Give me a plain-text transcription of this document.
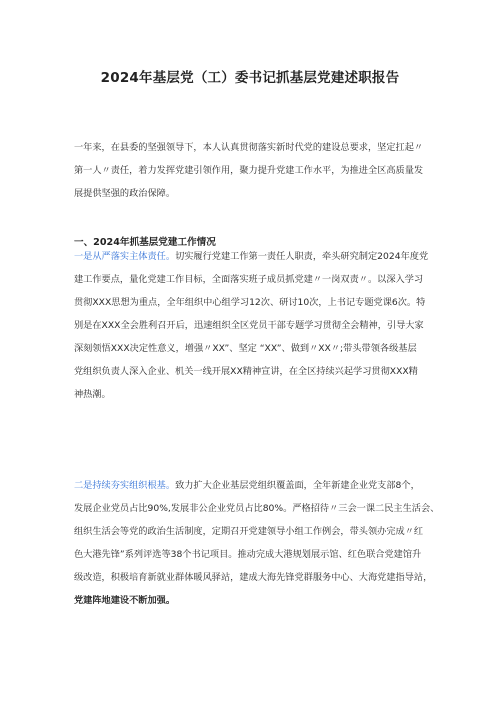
2024年基层党（工）委书记抓基层党建述职报告
一年来，在县委的坚强领导下，本人认真贯彻落实新时代党的建设总要求，坚定扛起〃
第一人〃责任，着力发挥党建引领作用，聚力提升党建工作水平，为推进全区高质量发
展提供坚强的政治保障。
一、2024年抓基层党建工作情况
一是从严落实主体责任。切实履行党建工作第一责任人职责，牵头研究制定2024年度党
建工作要点，量化党建工作目标，全面落实班子成员抓党建〃一岗双责〃。以深入学习
贯彻XXX思想为重点，全年组织中心组学习12次、研讨10次，上书记专题党课6次。特
别是在XXX全会胜利召开后，迅速组织全区党员干部专题学习贯彻全会精神，引导大家
深刻领悟XXX决定性意义，增强〃XX”、坚定 “XX”、做到〃XX〃;带头带领各级基层
党组织负责人深入企业、机关一线开展XX精神宣讲，在全区持续兴起学习贯彻XXX精
神热潮。
二是持续夯实组织根基。致力扩大企业基层党组织覆盖面，全年新建企业党支部8个，
发展企业党员占比90%,发展非公企业党员占比80%。严格招待〃三会一课二民主生活会、
组织生活会等党的政治生活制度，定期召开党建领导小组工作例会，带头领办完成〃红
色大港先锋”系列评选等38个书记项目。推动完成大港规划展示馆、红色联合党建馆升
级改造，积极培育新就业群体暖风驿站，建成大海先锋党群服务中心、大海党建指导站，
党建阵地建设不断加强。
